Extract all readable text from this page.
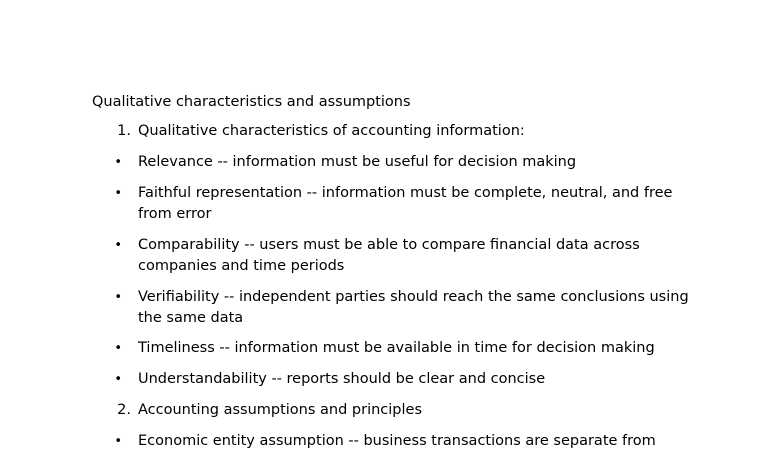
Qualitative characteristics and assumptions
1. Qualitative characteristics of accounting information:
• Relevance -- information must be useful for decision making
• Faithful representation -- information must be complete, neutral, and free from error
• Comparability -- users must be able to compare financial data across companies and time periods
• Verifiability -- independent parties should reach the same conclusions using the same data
• Timeliness -- information must be available in time for decision making
• Understandability -- reports should be clear and concise
2. Accounting assumptions and principles
• Economic entity assumption -- business transactions are separate from
